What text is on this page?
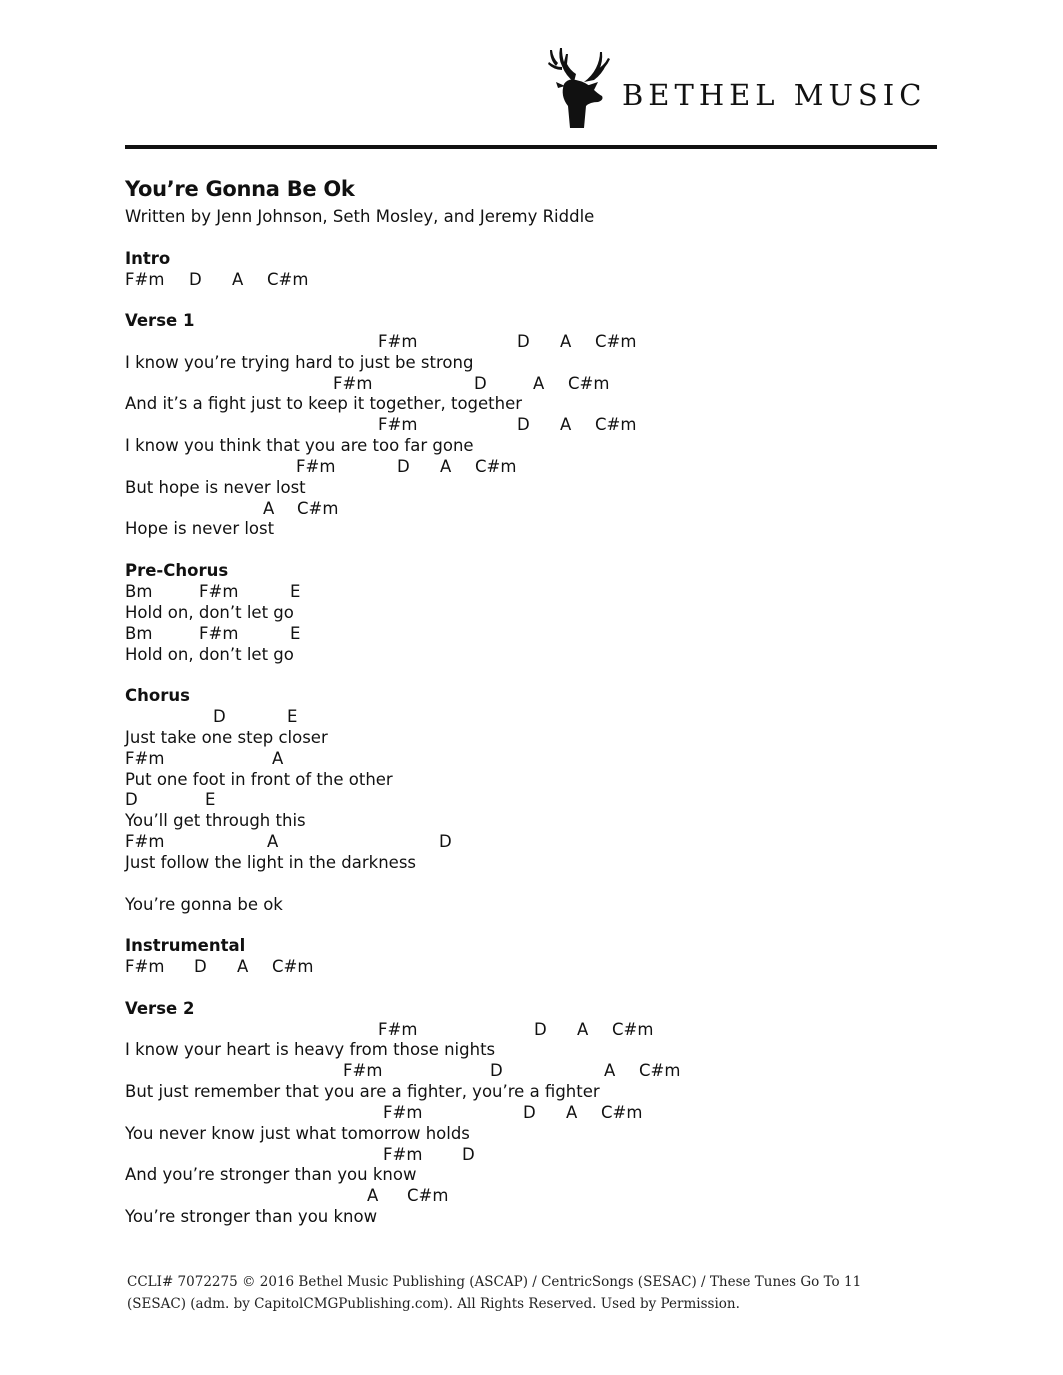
BETHEL MUSIC
You’re Gonna Be Ok
Written by Jenn Johnson, Seth Mosley, and Jeremy Riddle
Intro
F#m D A C#m
Verse 1
F#m	D A C#m
I know you’re trying hard to just be strong
F#m	D	A C#m
And it’s a fight just to keep it together, together
F#m	D A C#m
I know you think that you are too far gone
F#m	D A C#m
But hope is never lost
A C#m
Hope is never lost
Pre-Chorus
Bm	F#m	E
Hold on, don’t let go
Bm	F#m	E
Hold on, don’t let go
Chorus
D	E
Just take one step closer
F#m	A
Put one foot in front of the other
D	E
You’ll get through this
F#m	A	D
Just follow the light in the darkness
You’re gonna be ok
Instrumental
F#m D A C#m
Verse 2
F#m	D A C#m
I know your heart is heavy from those nights
F#m	D	A C#m
But just remember that you are a fighter, you’re a fighter
F#m	D A C#m
You never know just what tomorrow holds
F#m D
And you’re stronger than you know
A C#m
You’re stronger than you know
CCLI# 7072275 © 2016 Bethel Music Publishing (ASCAP) / CentricSongs (SESAC) / These Tunes Go To 11
(SESAC) (adm. by CapitolCMGPublishing.com). All Rights Reserved. Used by Permission.
